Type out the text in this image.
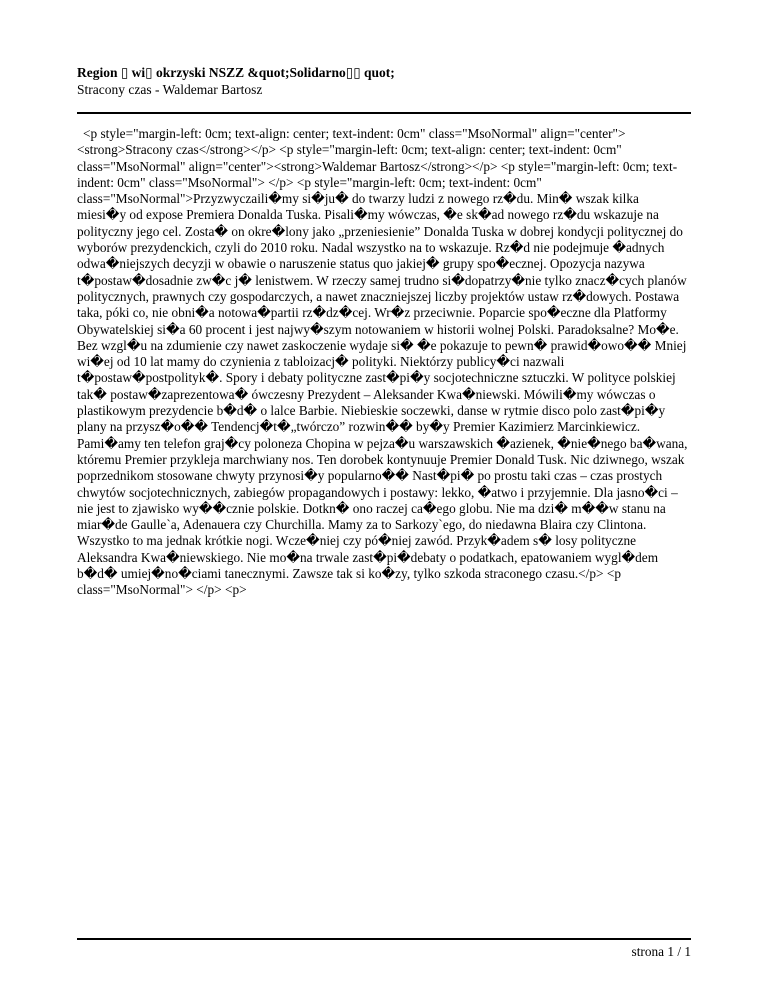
Region ▯ wi▯ okrzyski NSZZ &quot;Solidarno▯▯ quot;
Stracony czas - Waldemar Bartosz
<p style="margin-left: 0cm; text-align: center; text-indent: 0cm" class="MsoNormal" align="center"><strong>Stracony czas</strong></p> <p style="margin-left: 0cm; text-align: center; text-indent: 0cm" class="MsoNormal" align="center"><strong>Waldemar Bartosz</strong></p> <p style="margin-left: 0cm; text-indent: 0cm" class="MsoNormal"> </p> <p style="margin-left: 0cm; text-indent: 0cm" class="MsoNormal">Przyzwyczaili�my si�ju� do twarzy ludzi z nowego rz�du. Min� wszak kilka miesi�y od expose Premiera Donalda Tuska. Pisali�my wówczas, �e sk�ad nowego rz�du wskazuje na polityczny jego cel. Zosta� on okre�lony jako „przeniesienie” Donalda Tuska w dobrej kondycji politycznej do wyborów prezydenckich, czyli do 2010 roku. Nadal wszystko na to wskazuje. Rz�d nie podejmuje �adnych odwa�niejszych decyzji w obawie o naruszenie status quo jakiej� grupy spo�ecznej. Opozycja nazywa t�postaw�dosadnie zw�c j� lenistwem. W rzeczy samej trudno si�dopatrzy�nie tylko znacz�cych planów politycznych, prawnych czy gospodarczych, a nawet znaczniejszej liczby projektów ustaw rz�dowych. Postawa taka, póki co, nie obni�a notowa�partii rz�dz�cej. Wr�z przeciwnie. Poparcie spo�eczne dla Platformy Obywatelskiej si�a 60 procent i jest najwy�szym notowaniem w historii wolnej Polski. Paradoksalne? Mo�e. Bez wzgl�u na zdumienie czy nawet zaskoczenie wydaje si� �e pokazuje to pewn� prawid�owo�� Mniej wi�ej od 10 lat mamy do czynienia z tabloizacj� polityki. Niektórzy publicy�ci nazwali t�postaw�postpolityk�. Spory i debaty polityczne zast�pi�y socjotechniczne sztuczki. W polityce polskiej tak� postaw�zaprezentowa� ówczesny Prezydent – Aleksander Kwa�niewski. Mówili�my wówczas o plastikowym prezydencie b�d� o lalce Barbie. Niebieskie soczewki, danse w rytmie disco polo zast�pi�y plany na przysz�o�� Tendencj�t�„twórczo” rozwin�� by�y Premier Kazimierz Marcinkiewicz. Pami�amy ten telefon graj�cy poloneza Chopina w pejza�u warszawskich �azienek, �nie�nego ba�wana, któremu Premier przykleja marchwiany nos. Ten dorobek kontynuuje Premier Donald Tusk. Nic dziwnego, wszak poprzednikom stosowane chwyty przynosi�y popularno�� Nast�pi� po prostu taki czas – czas prostych chwytów socjotechnicznych, zabiegów propagandowych i postawy: lekko, �atwo i przyjemnie. Dla jasno�ci – nie jest to zjawisko wy��cznie polskie. Dotkn� ono raczej ca�ego globu. Nie ma dzi� m��w stanu na miar�de Gaulle`a, Adenauera czy Churchilla. Mamy za to Sarkozy`ego, do niedawna Blaira czy Clintona. Wszystko to ma jednak krótkie nogi. Wcze�niej czy pó�niej zawód. Przyk�adem s� losy polityczne Aleksandra Kwa�niewskiego. Nie mo�na trwale zast�pi�debaty o podatkach, epatowaniem wygl�dem b�d� umiej�no�ciami tanecznymi. Zawsze tak si ko�zy, tylko szkoda straconego czasu.</p> <p class="MsoNormal"> </p> <p>
strona 1 / 1
